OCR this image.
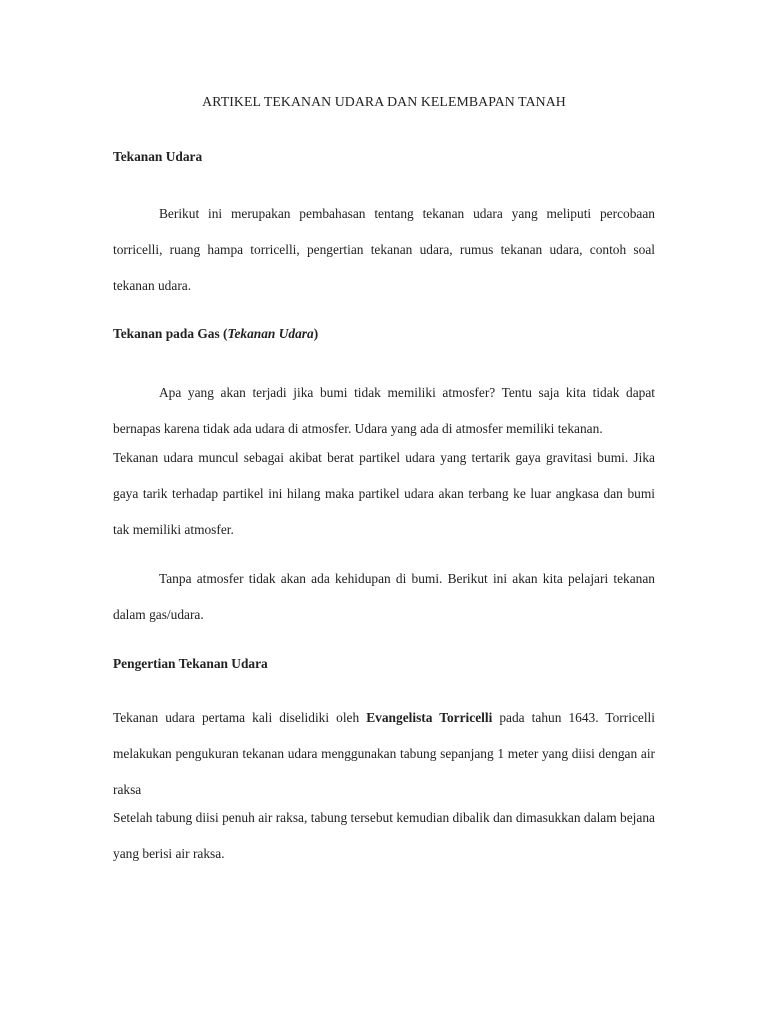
ARTIKEL TEKANAN UDARA DAN KELEMBAPAN TANAH

Tekanan Udara

Berikut ini merupakan pembahasan tentang tekanan udara yang meliputi percobaan torricelli, ruang hampa torricelli, pengertian tekanan udara, rumus tekanan udara, contoh soal tekanan udara.

Tekanan pada Gas (Tekanan Udara)

Apa yang akan terjadi jika bumi tidak memiliki atmosfer? Tentu saja kita tidak dapat bernapas karena tidak ada udara di atmosfer. Udara yang ada di atmosfer memiliki tekanan.

Tekanan udara muncul sebagai akibat berat partikel udara yang tertarik gaya gravitasi bumi. Jika gaya tarik terhadap partikel ini hilang maka partikel udara akan terbang ke luar angkasa dan bumi tak memiliki atmosfer.

Tanpa atmosfer tidak akan ada kehidupan di bumi. Berikut ini akan kita pelajari tekanan dalam gas/udara.

Pengertian Tekanan Udara

Tekanan udara pertama kali diselidiki oleh Evangelista Torricelli pada tahun 1643. Torricelli melakukan pengukuran tekanan udara menggunakan tabung sepanjang 1 meter yang diisi dengan air raksa

Setelah tabung diisi penuh air raksa, tabung tersebut kemudian dibalik dan dimasukkan dalam bejana yang berisi air raksa.
